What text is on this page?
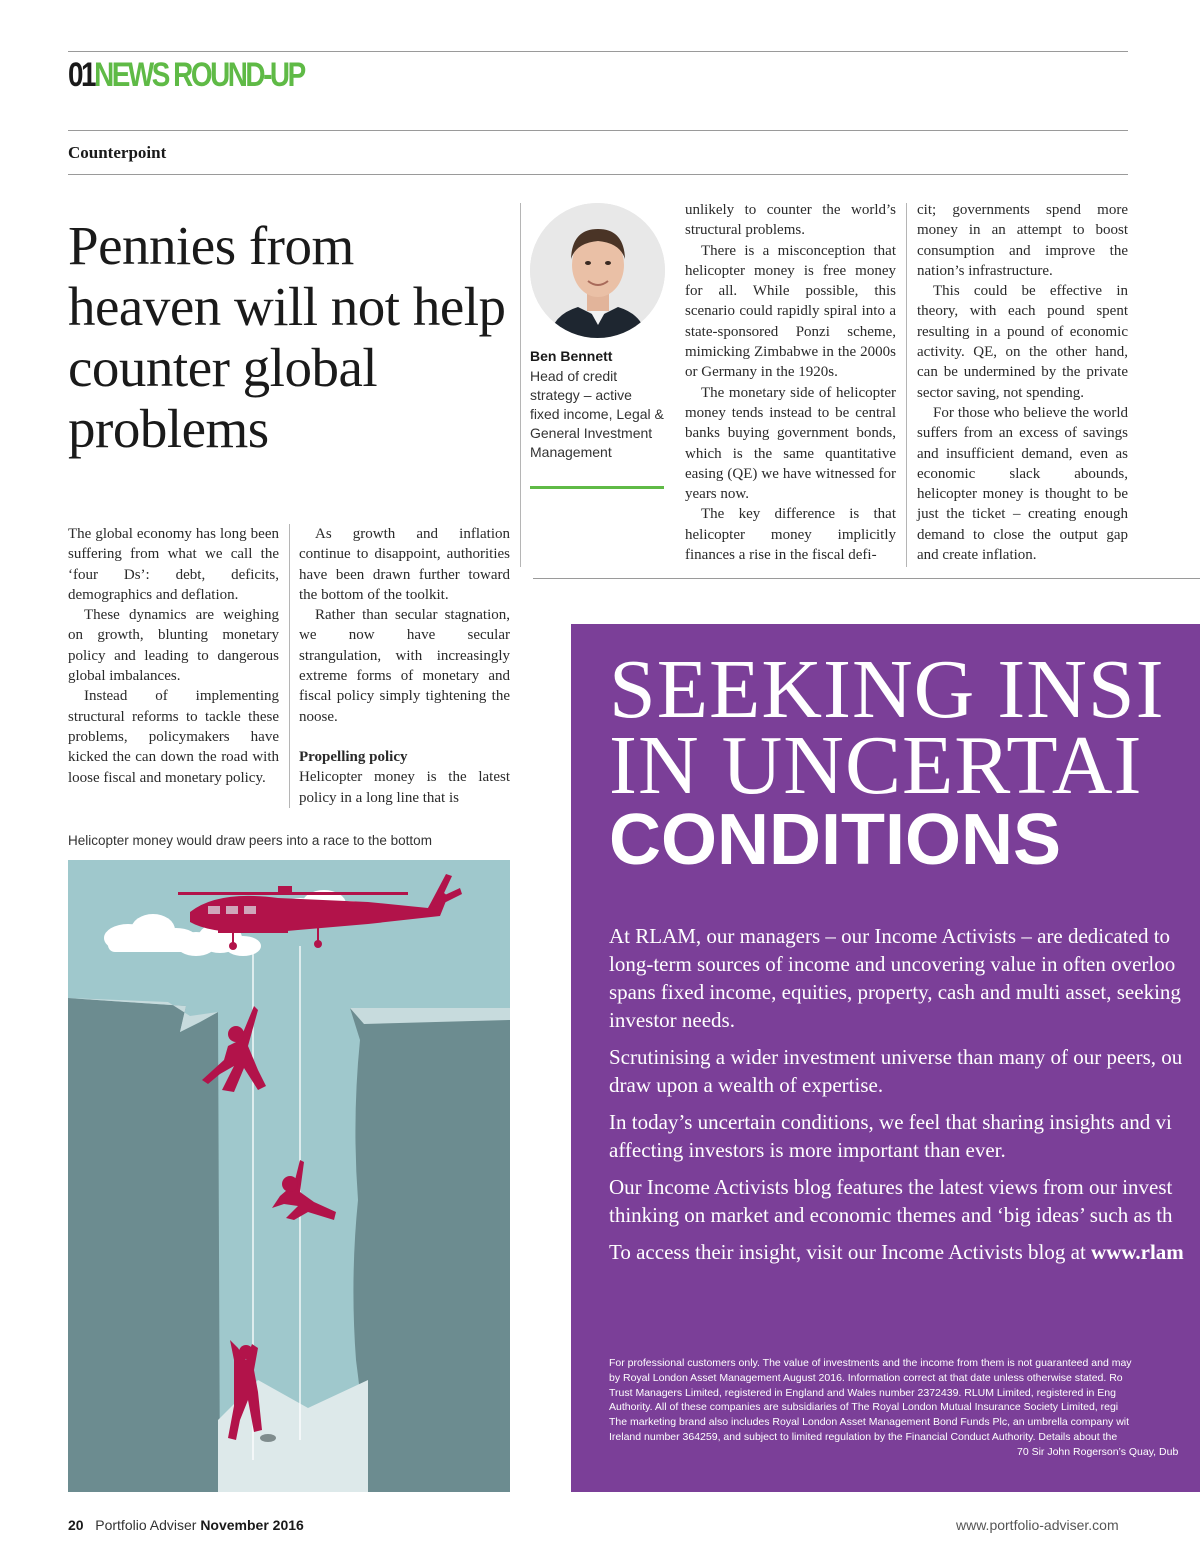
01NEWS ROUND-UP
Counterpoint
Pennies from heaven will not help counter global problems

The global economy has long been suffering from what we call the ‘four Ds’: debt, deficits, demographics and deflation.

These dynamics are weighing on growth, blunting monetary policy and leading to dangerous global imbalances.

Instead of implementing structural reforms to tackle these problems, policymakers have kicked the can down the road with loose fiscal and monetary policy.

As growth and inflation continue to disappoint, authorities have been drawn further toward the bottom of the toolkit.

Rather than secular stagnation, we now have secular strangulation, with increasingly extreme forms of monetary and fiscal policy simply tightening the noose.

Propelling policy

Helicopter money is the latest policy in a long line that is

Ben Bennett
Head of credit strategy – active fixed income, Legal & General Investment Management

unlikely to counter the world’s structural problems.

There is a misconception that helicopter money is free money for all. While possible, this scenario could rapidly spiral into a state-sponsored Ponzi scheme, mimicking Zimbabwe in the 2000s or Germany in the 1920s.

The monetary side of helicopter money tends instead to be central banks buying government bonds, which is the same quantitative easing (QE) we have witnessed for years now.

The key difference is that helicopter money implicitly finances a rise in the fiscal defi-

cit; governments spend more money in an attempt to boost consumption and improve the nation’s infrastructure.

This could be effective in theory, with each pound spent resulting in a pound of economic activity. QE, on the other hand, can be undermined by the private sector saving, not spending.

For those who believe the world suffers from an excess of savings and insufficient demand, even as economic slack abounds, helicopter money is thought to be just the ticket – creating enough demand to close the output gap and create inflation.

Helicopter money would draw peers into a race to the bottom
SEEKING INSI
IN UNCERTAI
CONDITIONS

At RLAM, our managers – our Income Activists – are dedicated to
long-term sources of income and uncovering value in often overloo
spans fixed income, equities, property, cash and multi asset, seeking
investor needs.

Scrutinising a wider investment universe than many of our peers, ou
draw upon a wealth of expertise.

In today’s uncertain conditions, we feel that sharing insights and vi
affecting investors is more important than ever.

Our Income Activists blog features the latest views from our invest
thinking on market and economic themes and ‘big ideas’ such as th

To access their insight, visit our Income Activists blog at www.rlam

For professional customers only. The value of investments and the income from them is not guaranteed and may
by Royal London Asset Management August 2016. Information correct at that date unless otherwise stated. Ro
Trust Managers Limited, registered in England and Wales number 2372439. RLUM Limited, registered in Eng
Authority. All of these companies are subsidiaries of The Royal London Mutual Insurance Society Limited, regi
The marketing brand also includes Royal London Asset Management Bond Funds Plc, an umbrella company wit
Ireland number 364259, and subject to limited regulation by the Financial Conduct Authority. Details about the
70 Sir John Rogerson’s Quay, Dub
20 Portfolio Adviser November 2016	www.portfolio-adviser.com
